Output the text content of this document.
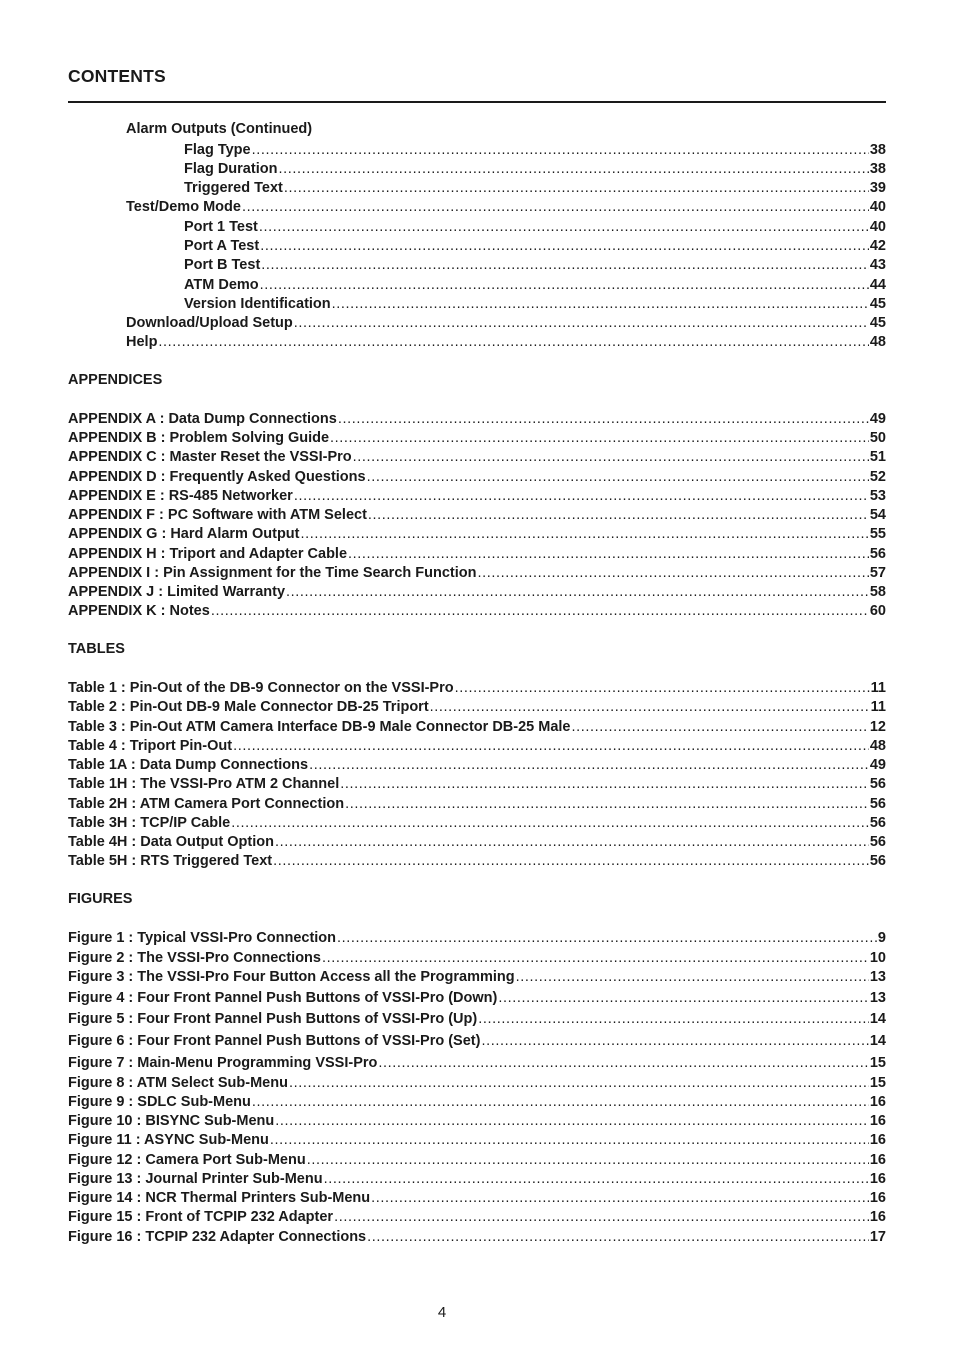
CONTENTS
Alarm Outputs (Continued)
Flag Type .....	38
Flag Duration .....	38
Triggered Text .....	39
Test/Demo Mode .....	40
Port 1 Test .....	40
Port A Test .....	42
Port B Test .....	43
ATM Demo .....	44
Version Identification .....	45
Download/Upload Setup .....	45
Help .....	48
APPENDICES
APPENDIX A : Data Dump Connections .....	49
APPENDIX B : Problem Solving Guide .....	50
APPENDIX C : Master Reset the VSSI-Pro .....	51
APPENDIX D : Frequently Asked Questions .....	52
APPENDIX E : RS-485 Networker .....	53
APPENDIX F : PC Software with ATM Select .....	54
APPENDIX G : Hard Alarm Output .....	55
APPENDIX H : Triport and Adapter Cable .....	56
APPENDIX I : Pin Assignment for the Time Search Function .....	57
APPENDIX J : Limited Warranty .....	58
APPENDIX K : Notes .....	60
TABLES
Table 1 : Pin-Out of the DB-9 Connector on the VSSI-Pro .....	11
Table 2 : Pin-Out DB-9 Male Connector DB-25 Triport .....	11
Table 3 : Pin-Out ATM Camera Interface DB-9 Male Connector DB-25 Male .....	12
Table 4 : Triport Pin-Out .....	48
Table 1A : Data Dump Connections .....	49
Table 1H : The VSSI-Pro ATM 2 Channel .....	56
Table 2H : ATM Camera Port Connection .....	56
Table 3H : TCP/IP Cable .....	56
Table 4H : Data Output Option .....	56
Table 5H : RTS Triggered Text .....	56
FIGURES
Figure 1 : Typical VSSI-Pro Connection .....	9
Figure 2 : The VSSI-Pro Connections .....	10
Figure 3 : The VSSI-Pro Four Button Access all the Programming .....	13
Figure 4 : Four Front Pannel Push Buttons of VSSI-Pro (Down) .....	13
Figure 5 : Four Front Pannel Push Buttons of VSSI-Pro (Up) .....	14
Figure 6 : Four Front Pannel Push Buttons of VSSI-Pro (Set) .....	14
Figure 7 : Main-Menu Programming VSSI-Pro .....	15
Figure 8 : ATM Select Sub-Menu .....	15
Figure 9 : SDLC Sub-Menu .....	16
Figure 10 : BISYNC Sub-Menu .....	16
Figure 11 : ASYNC Sub-Menu .....	16
Figure 12 : Camera Port Sub-Menu .....	16
Figure 13 : Journal Printer Sub-Menu .....	16
Figure 14 : NCR Thermal Printers Sub-Menu .....	16
Figure 15 : Front of TCPIP 232 Adapter .....	16
Figure 16 : TCPIP 232 Adapter Connections .....	17
4
